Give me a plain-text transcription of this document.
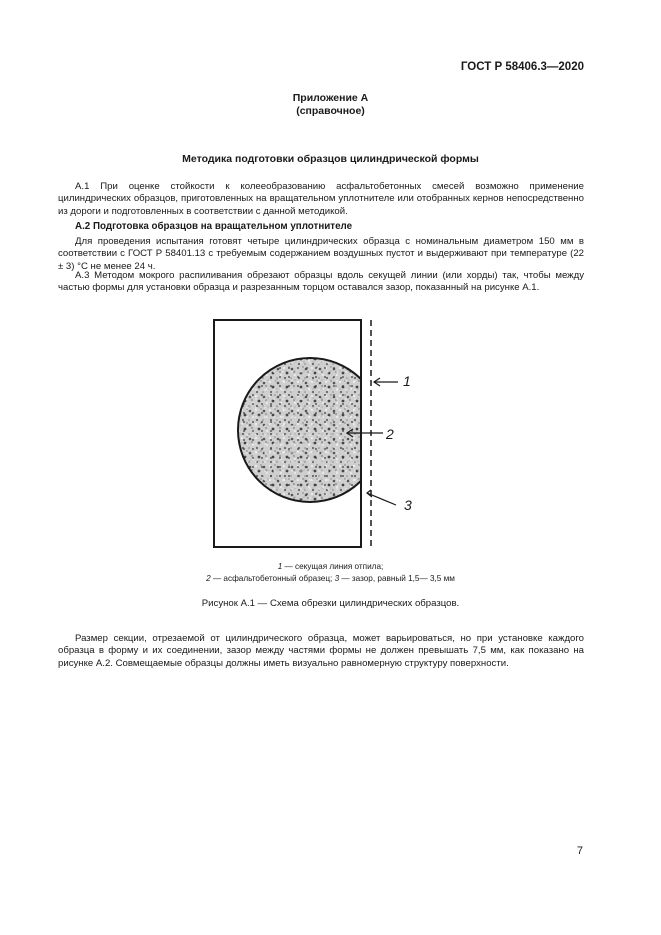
ГОСТ Р 58406.3—2020
Приложение А
(справочное)
Методика подготовки образцов цилиндрической формы
А.1 При оценке стойкости к колееобразованию асфальтобетонных смесей возможно применение цилиндрических образцов, приготовленных на вращательном уплотнителе или отобранных кернов непосредственно из дороги и подготовленных в соответствии с данной методикой.
А.2 Подготовка образцов на вращательном уплотнителе
Для проведения испытания готовят четыре цилиндрических образца с номинальным диаметром 150 мм в соответствии с ГОСТ Р 58401.13 с требуемым содержанием воздушных пустот и выдерживают при температуре (22 ± 3) °С не менее 24 ч.
А.3 Методом мокрого распиливания обрезают образцы вдоль секущей линии (или хорды) так, чтобы между частью формы для установки образца и разрезанным торцом оставался зазор, показанный на рисунке А.1.
1
2
3
1 — секущая линия отпила;
2 — асфальтобетонный образец; 3 — зазор, равный 1,5— 3,5 мм
Рисунок А.1 — Схема обрезки цилиндрических образцов.
Размер секции, отрезаемой от цилиндрического образца, может варьироваться, но при установке каждого образца в форму и их соединении, зазор между частями формы не должен превышать 7,5 мм, как показано на рисунке А.2. Совмещаемые образцы должны иметь визуально равномерную структуру поверхности.
7
